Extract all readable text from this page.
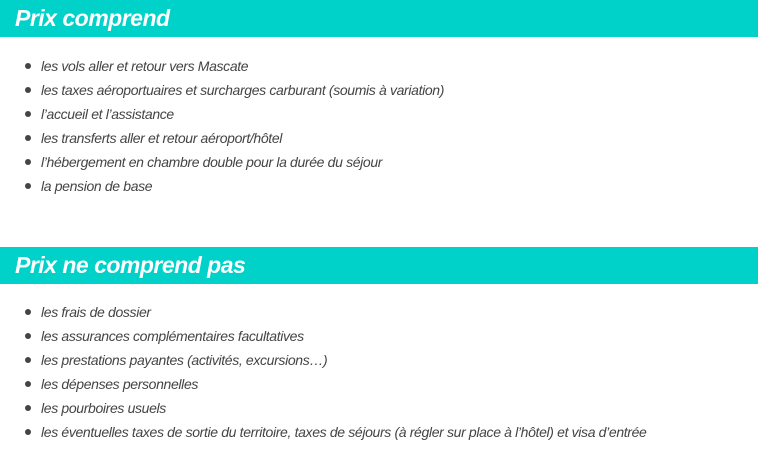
Prix comprend
les vols aller et retour vers Mascate
les taxes aéroportuaires et surcharges carburant (soumis à variation)
l’accueil et l’assistance
les transferts aller et retour aéroport/hôtel
l’hébergement en chambre double pour la durée du séjour
la pension de base
Prix ne comprend pas
les frais de dossier
les assurances complémentaires facultatives
les prestations payantes (activités, excursions…)
les dépenses personnelles
les pourboires usuels
les éventuelles taxes de sortie du territoire, taxes de séjours (à régler sur place à l’hôtel) et visa d’entrée
